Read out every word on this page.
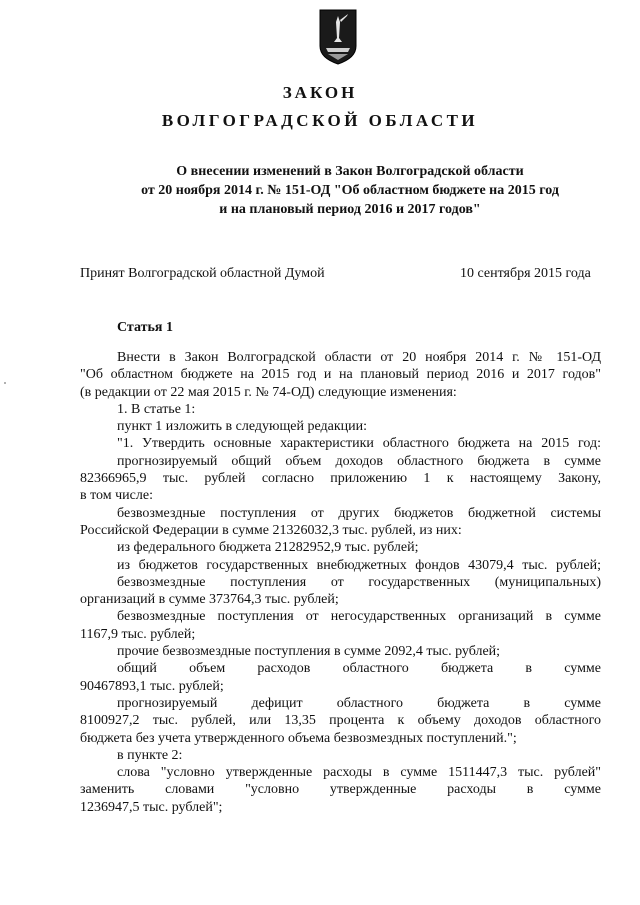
ЗАКОН
ВОЛГОГРАДСКОЙ ОБЛАСТИ
О внесении изменений в Закон Волгоградской области
от 20 ноября 2014 г. № 151-ОД "Об областном бюджете на 2015 год
и на плановый период 2016 и 2017 годов"
Принят Волгоградской областной Думой	10 сентября 2015 года
Статья 1
Внести в Закон Волгоградской области от 20 ноября 2014 г. № 151-ОД
"Об областном бюджете на 2015 год и на плановый период 2016 и 2017 годов"
(в редакции от 22 мая 2015 г. № 74-ОД) следующие изменения:
1. В статье 1:
пункт 1 изложить в следующей редакции:
"1. Утвердить основные характеристики областного бюджета на 2015 год:
прогнозируемый общий объем доходов областного бюджета в сумме
82366965,9 тыс. рублей согласно приложению 1 к настоящему Закону,
в том числе:
безвозмездные поступления от других бюджетов бюджетной системы
Российской Федерации в сумме 21326032,3 тыс. рублей, из них:
из федерального бюджета 21282952,9 тыс. рублей;
из бюджетов государственных внебюджетных фондов 43079,4 тыс. рублей;
безвозмездные поступления от государственных (муниципальных)
организаций в сумме 373764,3 тыс. рублей;
безвозмездные поступления от негосударственных организаций в сумме
1167,9 тыс. рублей;
прочие безвозмездные поступления в сумме 2092,4 тыс. рублей;
общий объем расходов областного бюджета в сумме
90467893,1 тыс. рублей;
прогнозируемый дефицит областного бюджета в сумме
8100927,2 тыс. рублей, или 13,35 процента к объему доходов областного
бюджета без учета утвержденного объема безвозмездных поступлений.";
в пункте 2:
слова "условно утвержденные расходы в сумме 1511447,3 тыс. рублей"
заменить словами "условно утвержденные расходы в сумме
1236947,5 тыс. рублей";
